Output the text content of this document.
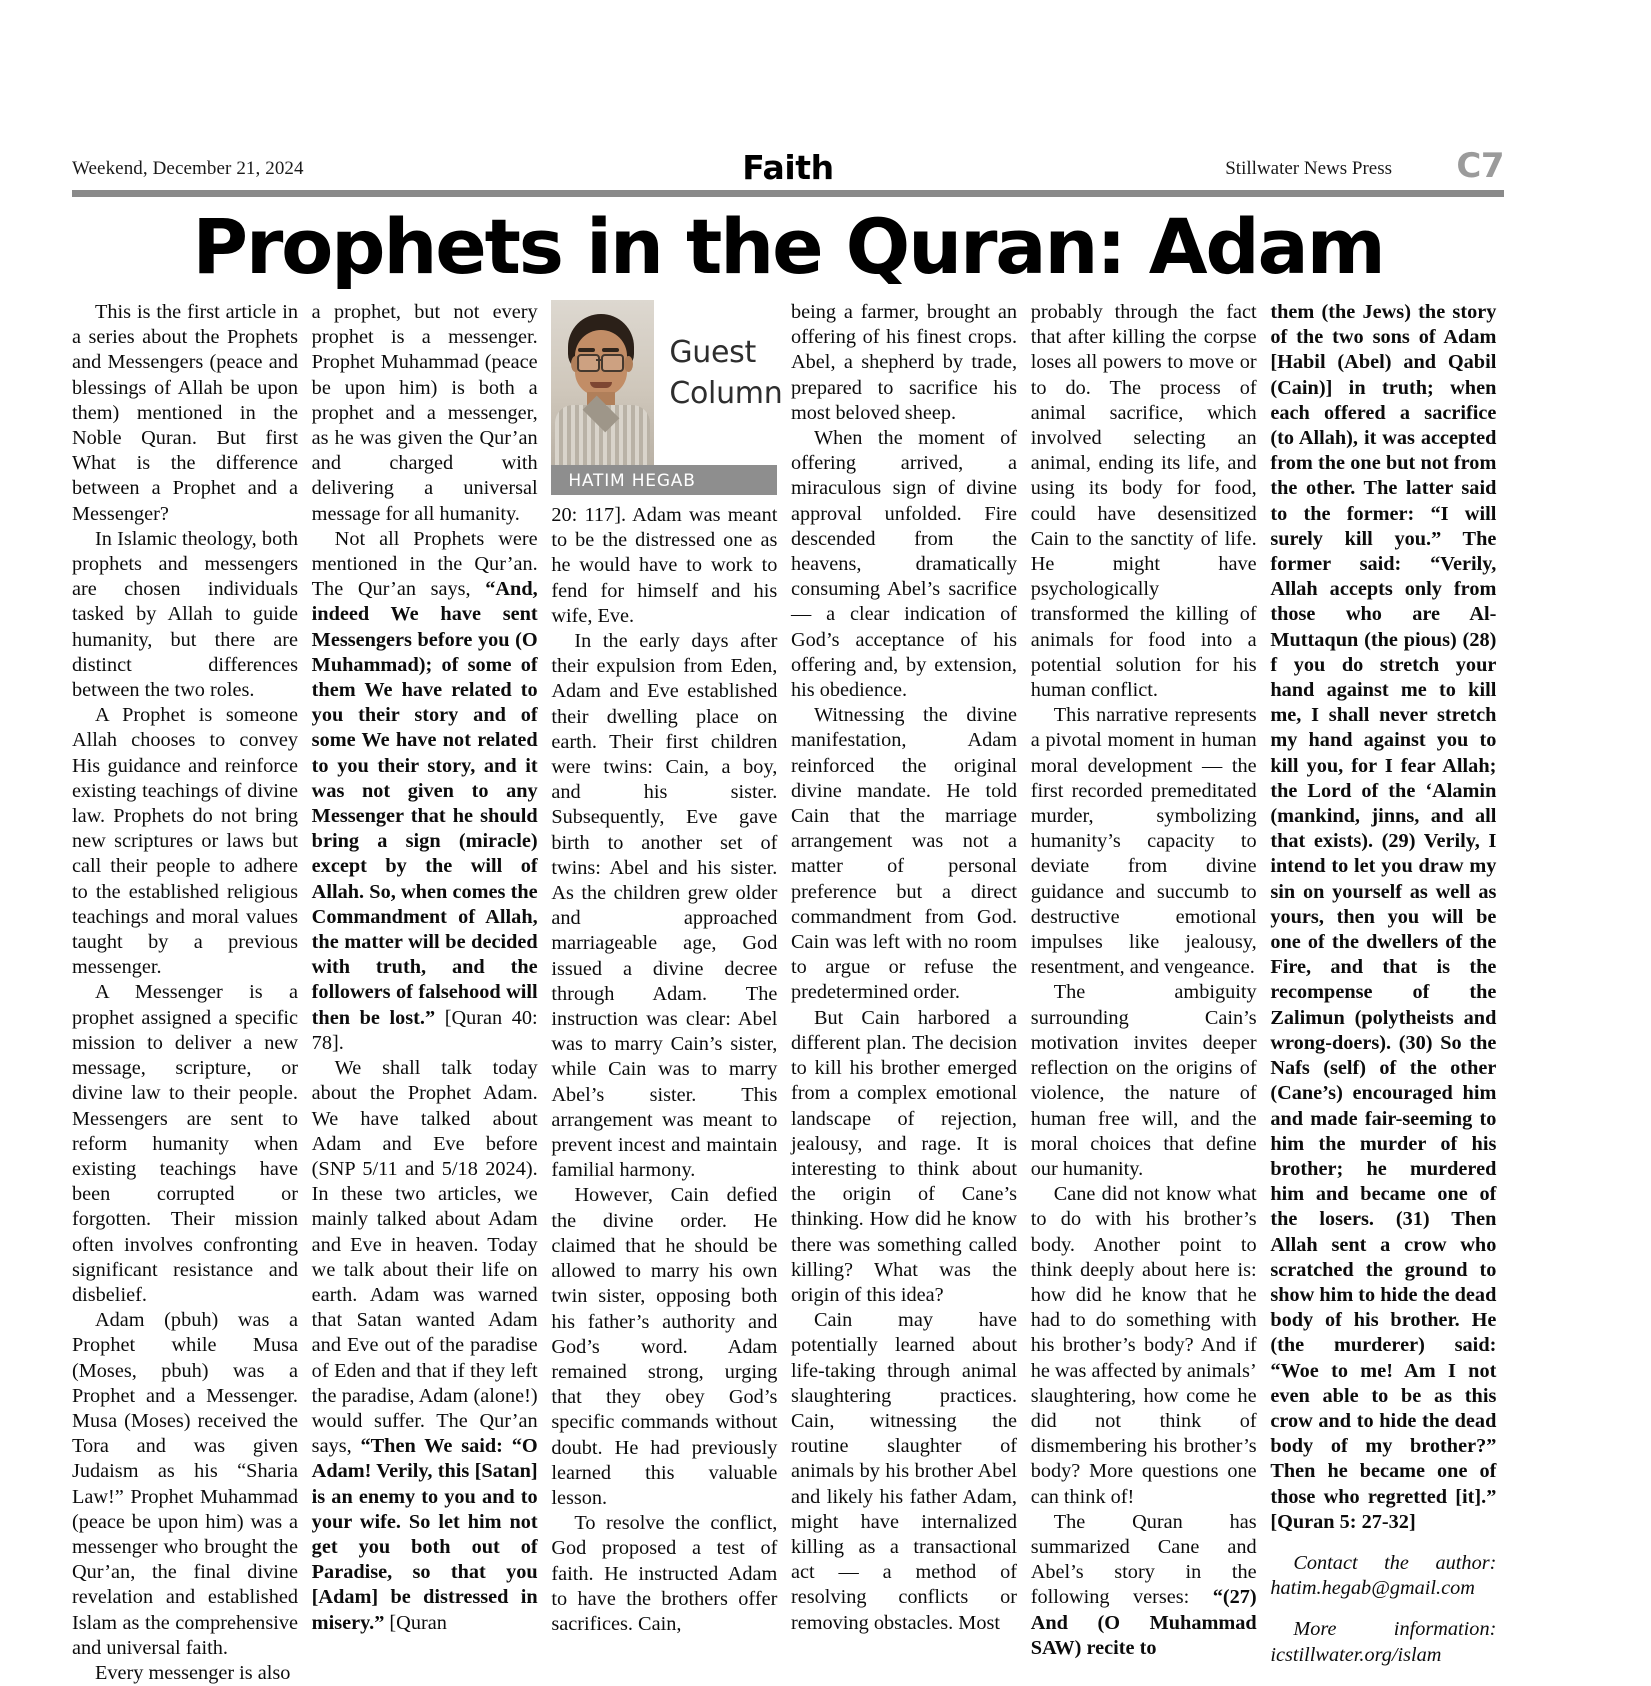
Weekend, December 21, 2024	Faith	Stillwater News Press C7
Prophets in the Quran: Adam

This is the first article in a series about the Prophets and Messengers (peace and blessings of Allah be upon them) mentioned in the Noble Quran. But first What is the difference between a Prophet and a Messenger?

In Islamic theology, both prophets and messengers are chosen individuals tasked by Allah to guide humanity, but there are distinct differences between the two roles.

A Prophet is someone Allah chooses to convey His guidance and reinforce existing teachings of divine law. Prophets do not bring new scriptures or laws but call their people to adhere to the established religious teachings and moral values taught by a previous messenger.

A Messenger is a prophet assigned a specific mission to deliver a new message, scripture, or divine law to their people. Messengers are sent to reform humanity when existing teachings have been corrupted or forgotten. Their mission often involves confronting significant resistance and disbelief.

Adam (pbuh) was a Prophet while Musa (Moses, pbuh) was a Prophet and a Messenger. Musa (Moses) received the Tora and was given Judaism as his “Sharia Law!” Prophet Muhammad (peace be upon him) was a messenger who brought the Qur’an, the final divine revelation and established Islam as the comprehensive and universal faith.

Every messenger is also

a prophet, but not every prophet is a messenger. Prophet Muhammad (peace be upon him) is both a prophet and a messenger, as he was given the Qur’an and charged with delivering a universal message for all humanity.

Not all Prophets were mentioned in the Qur’an. The Qur’an says, “And, indeed We have sent Messengers before you (O Muhammad); of some of them We have related to you their story and of some We have not related to you their story, and it was not given to any Messenger that he should bring a sign (miracle) except by the will of Allah. So, when comes the Commandment of Allah, the matter will be decided with truth, and the followers of falsehood will then be lost.” [Quran 40: 78].

We shall talk today about the Prophet Adam. We have talked about Adam and Eve before (SNP 5/11 and 5/18 2024). In these two articles, we mainly talked about Adam and Eve in heaven. Today we talk about their life on earth. Adam was warned that Satan wanted Adam and Eve out of the paradise of Eden and that if they left the paradise, Adam (alone!) would suffer. The Qur’an says, “Then We said: “O Adam! Verily, this [Satan] is an enemy to you and to your wife. So let him not get you both out of Paradise, so that you [Adam] be distressed in misery.” [Quran

Guest
Column
HATIM HEGAB

20: 117]. Adam was meant to be the distressed one as he would have to work to fend for himself and his wife, Eve.

In the early days after their expulsion from Eden, Adam and Eve established their dwelling place on earth. Their first children were twins: Cain, a boy, and his sister. Subsequently, Eve gave birth to another set of twins: Abel and his sister. As the children grew older and approached marriageable age, God issued a divine decree through Adam. The instruction was clear: Abel was to marry Cain’s sister, while Cain was to marry Abel’s sister. This arrangement was meant to prevent incest and maintain familial harmony.

However, Cain defied the divine order. He claimed that he should be allowed to marry his own twin sister, opposing both his father’s authority and God’s word. Adam remained strong, urging that they obey God’s specific commands without doubt. He had previously learned this valuable lesson.

To resolve the conflict, God proposed a test of faith. He instructed Adam to have the brothers offer sacrifices. Cain,

being a farmer, brought an offering of his finest crops. Abel, a shepherd by trade, prepared to sacrifice his most beloved sheep.

When the moment of offering arrived, a miraculous sign of divine approval unfolded. Fire descended from the heavens, dramatically consuming Abel’s sacrifice — a clear indication of God’s acceptance of his offering and, by extension, his obedience.

Witnessing the divine manifestation, Adam reinforced the original divine mandate. He told Cain that the marriage arrangement was not a matter of personal preference but a direct commandment from God. Cain was left with no room to argue or refuse the predetermined order.

But Cain harbored a different plan. The decision to kill his brother emerged from a complex emotional landscape of rejection, jealousy, and rage. It is interesting to think about the origin of Cane’s thinking. How did he know there was something called killing? What was the origin of this idea?

Cain may have potentially learned about life-taking through animal slaughtering practices. Cain, witnessing the routine slaughter of animals by his brother Abel and likely his father Adam, might have internalized killing as a transactional act — a method of resolving conflicts or removing obstacles. Most

probably through the fact that after killing the corpse loses all powers to move or to do. The process of animal sacrifice, which involved selecting an animal, ending its life, and using its body for food, could have desensitized Cain to the sanctity of life. He might have psychologically transformed the killing of animals for food into a potential solution for his human conflict.

This narrative represents a pivotal moment in human moral development — the first recorded premeditated murder, symbolizing humanity’s capacity to deviate from divine guidance and succumb to destructive emotional impulses like jealousy, resentment, and vengeance.

The ambiguity surrounding Cain’s motivation invites deeper reflection on the origins of violence, the nature of human free will, and the moral choices that define our humanity.

Cane did not know what to do with his brother’s body. Another point to think deeply about here is: how did he know that he had to do something with his brother’s body? And if he was affected by animals’ slaughtering, how come he did not think of dismembering his brother’s body? More questions one can think of!

The Quran has summarized Cane and Abel’s story in the following verses: “(27) And (O Muhammad SAW) recite to

them (the Jews) the story of the two sons of Adam [Habil (Abel) and Qabil (Cain)] in truth; when each offered a sacrifice (to Allah), it was accepted from the one but not from the other. The latter said to the former: “I will surely kill you.” The former said: “Verily, Allah accepts only from those who are Al-Muttaqun (the pious) (28) f you do stretch your hand against me to kill me, I shall never stretch my hand against you to kill you, for I fear Allah; the Lord of the ‘Alamin (mankind, jinns, and all that exists). (29) Verily, I intend to let you draw my sin on yourself as well as yours, then you will be one of the dwellers of the Fire, and that is the recompense of the Zalimun (polytheists and wrong-doers). (30) So the Nafs (self) of the other (Cane’s) encouraged him and made fair-seeming to him the murder of his brother; he murdered him and became one of the losers. (31) Then Allah sent a crow who scratched the ground to show him to hide the dead body of his brother. He (the murderer) said: “Woe to me! Am I not even able to be as this crow and to hide the dead body of my brother?” Then he became one of those who regretted [it].” [Quran 5: 27-32]

Contact the author: hatim.hegab@gmail.com

More information: icstillwater.org/islam
